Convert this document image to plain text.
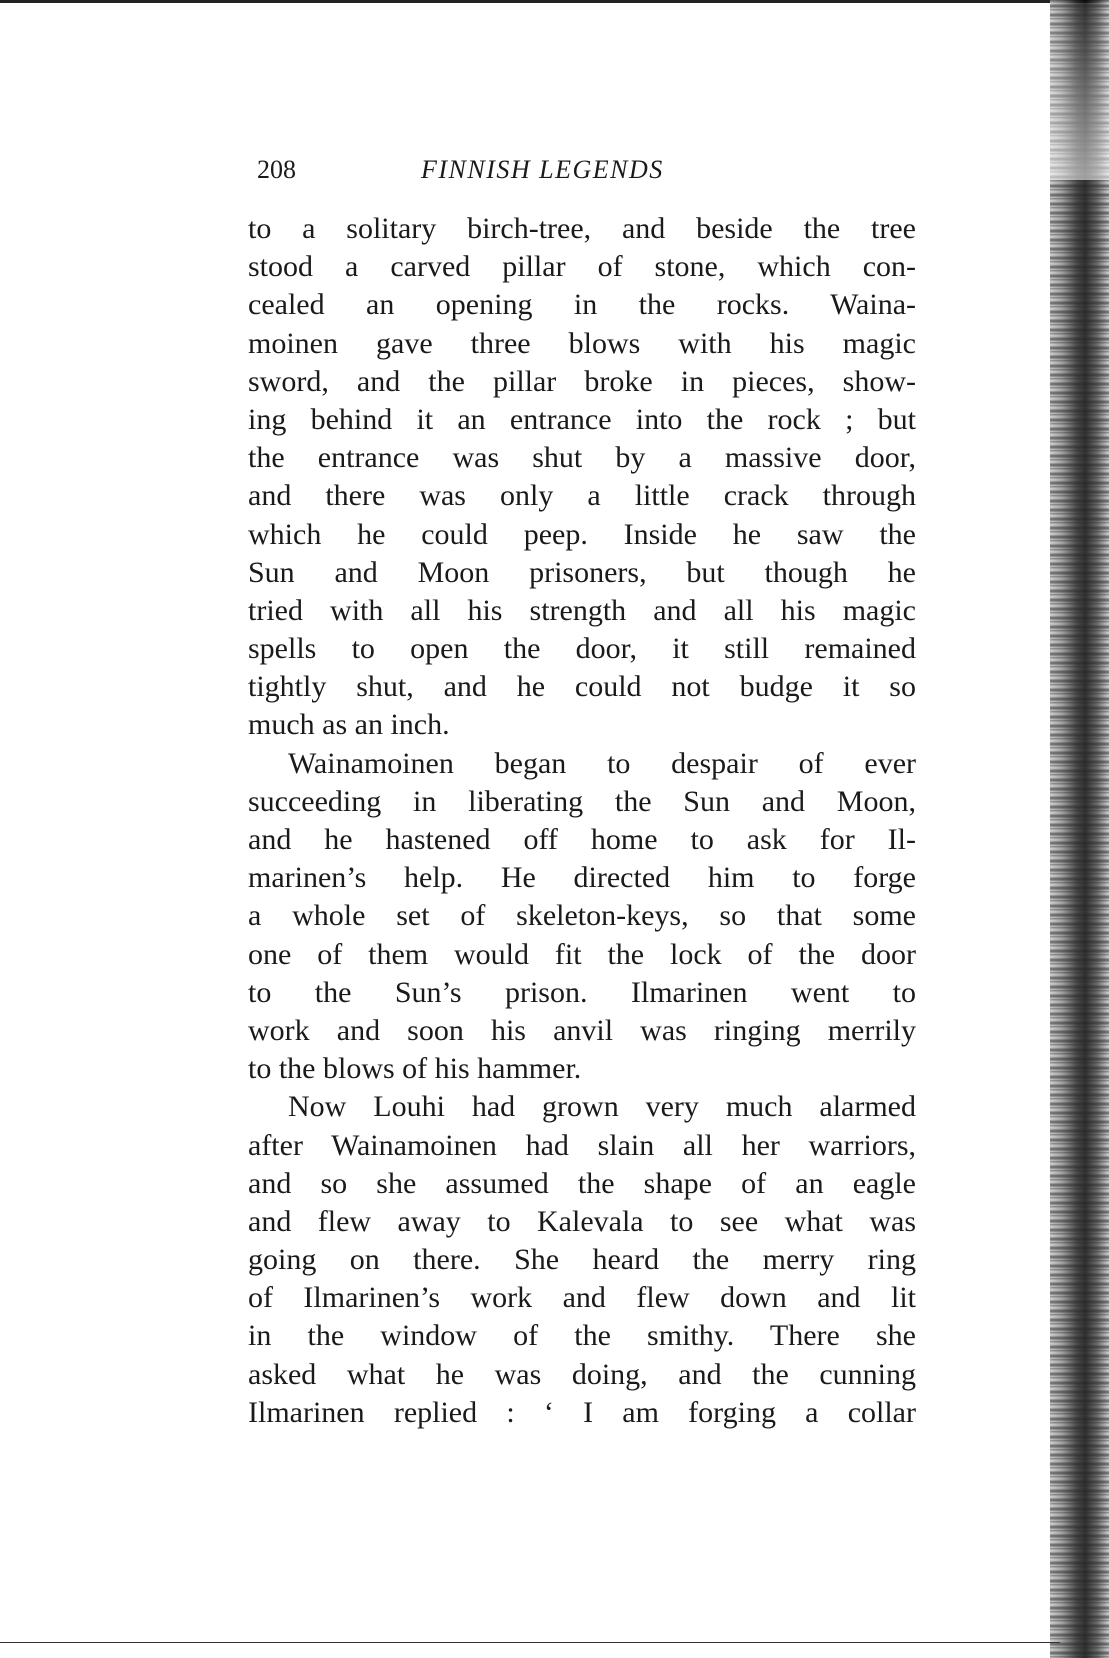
208	FINNISH LEGENDS
to a solitary birch-tree, and beside the tree
stood a carved pillar of stone, which con-
cealed an opening in the rocks. Waina-
moinen gave three blows with his magic
sword, and the pillar broke in pieces, show-
ing behind it an entrance into the rock ; but
the entrance was shut by a massive door,
and there was only a little crack through
which he could peep. Inside he saw the
Sun and Moon prisoners, but though he
tried with all his strength and all his magic
spells to open the door, it still remained
tightly shut, and he could not budge it so
much as an inch.
Wainamoinen began to despair of ever
succeeding in liberating the Sun and Moon,
and he hastened off home to ask for Il-
marinen’s help. He directed him to forge
a whole set of skeleton-keys, so that some
one of them would fit the lock of the door
to the Sun’s prison. Ilmarinen went to
work and soon his anvil was ringing merrily
to the blows of his hammer.
Now Louhi had grown very much alarmed
after Wainamoinen had slain all her warriors,
and so she assumed the shape of an eagle
and flew away to Kalevala to see what was
going on there. She heard the merry ring
of Ilmarinen’s work and flew down and lit
in the window of the smithy. There she
asked what he was doing, and the cunning
Ilmarinen replied : ‘ I am forging a collar
